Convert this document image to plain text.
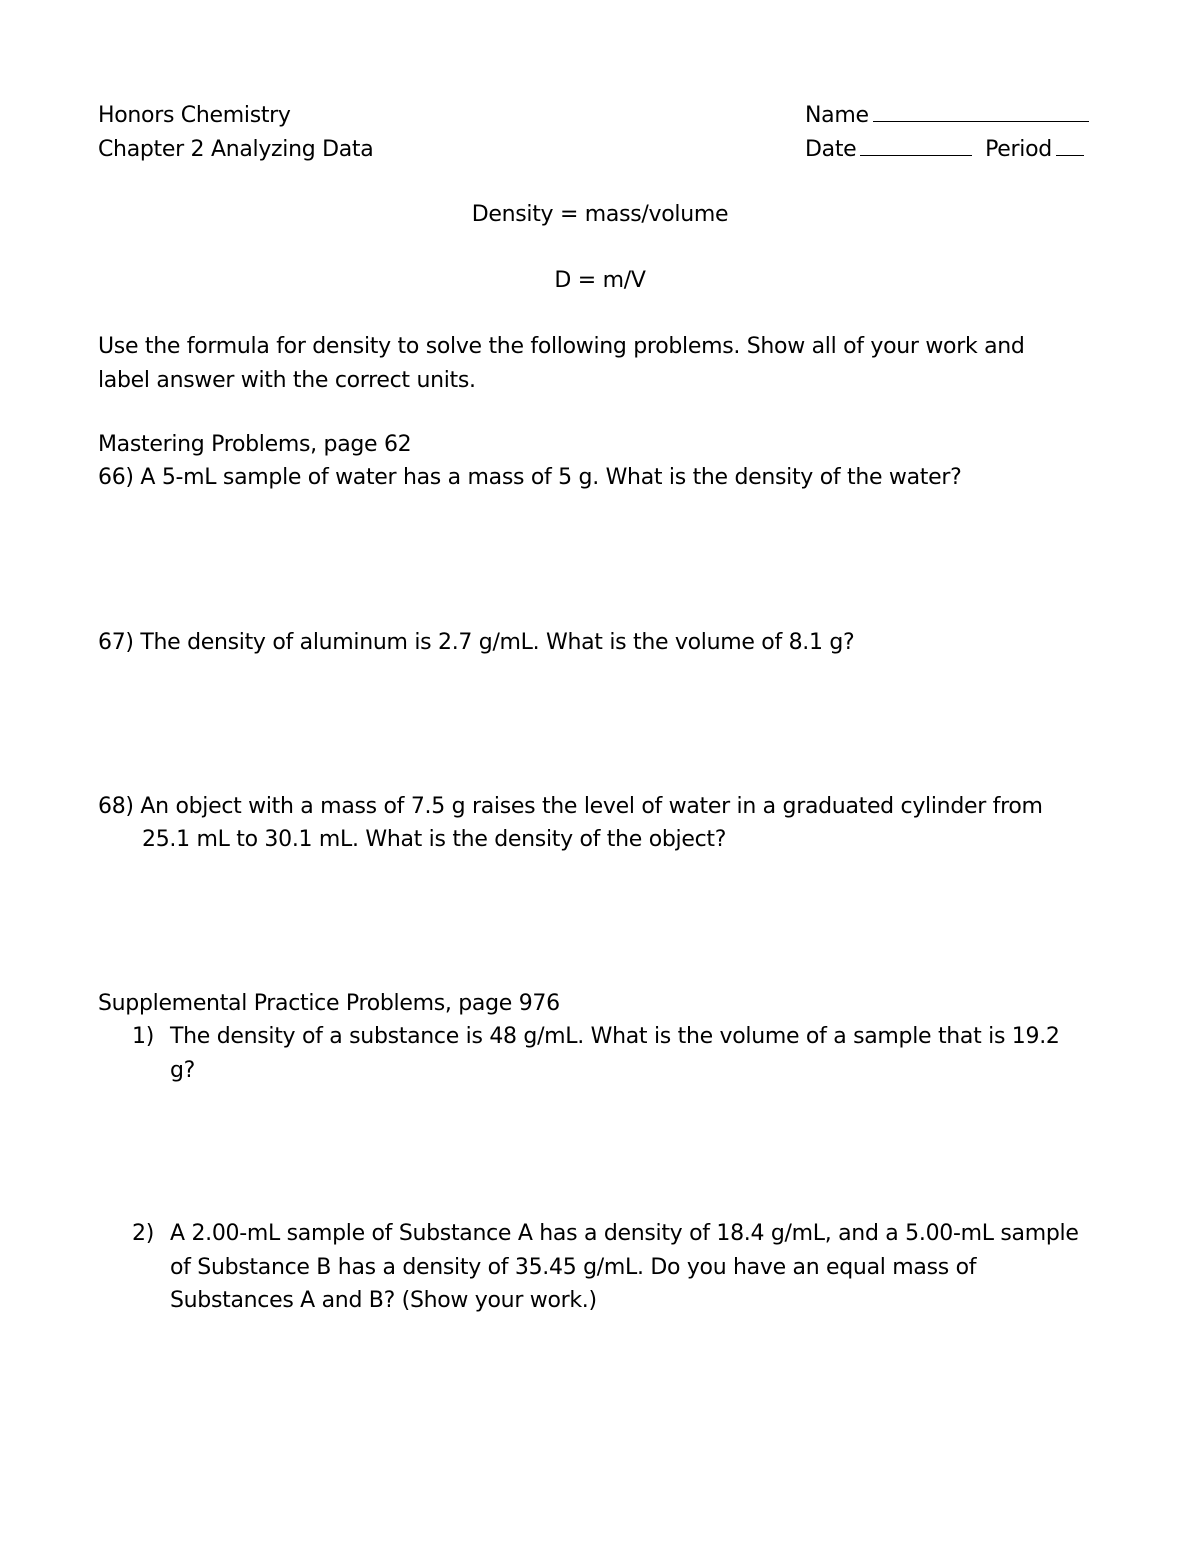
Honors Chemistry
Chapter 2 Analyzing Data
Name
Date	Period
Density = mass/volume
D = m/V
Use the formula for density to solve the following problems. Show all of your work and
label answer with the correct units.
Mastering Problems, page 62
66) A 5-mL sample of water has a mass of 5 g. What is the density of the water?
67) The density of aluminum is 2.7 g/mL. What is the volume of 8.1 g?
68) An object with a mass of 7.5 g raises the level of water in a graduated cylinder from
25.1 mL to 30.1 mL. What is the density of the object?
Supplemental Practice Problems, page 976
1) The density of a substance is 48 g/mL. What is the volume of a sample that is 19.2
g?
2) A 2.00-mL sample of Substance A has a density of 18.4 g/mL, and a 5.00-mL sample
of Substance B has a density of 35.45 g/mL. Do you have an equal mass of
Substances A and B? (Show your work.)
